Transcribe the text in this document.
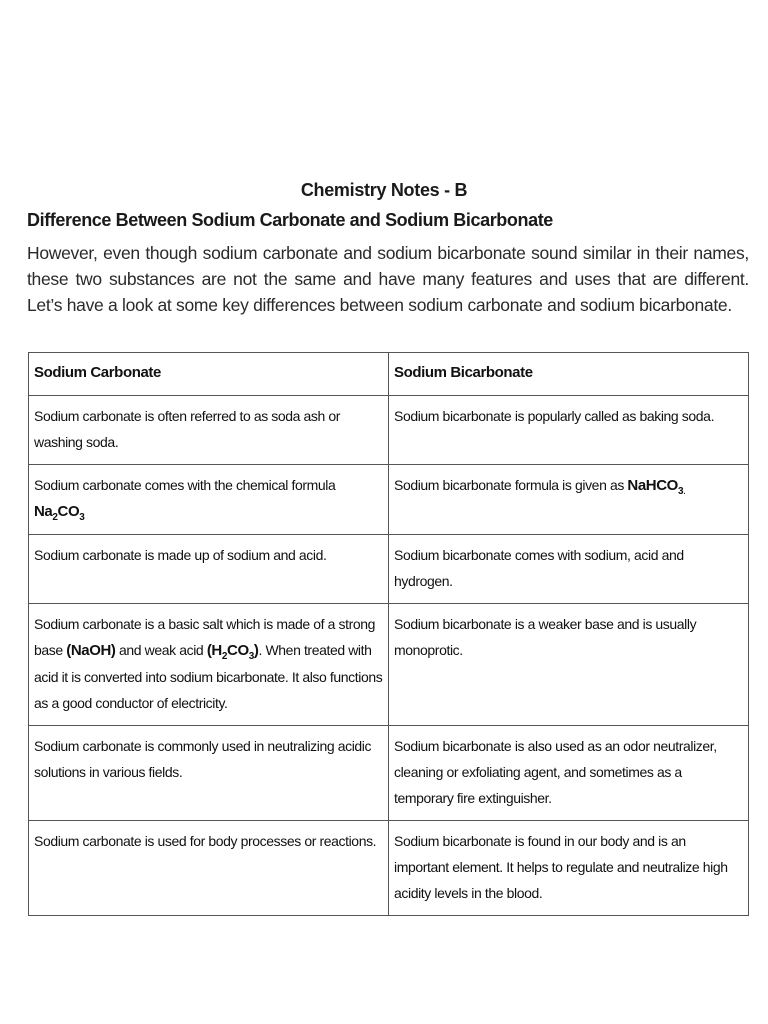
Chemistry Notes - B
Difference Between Sodium Carbonate and Sodium Bicarbonate
However, even though sodium carbonate and sodium bicarbonate sound similar in their names, these two substances are not the same and have many features and uses that are different. Let’s have a look at some key differences between sodium carbonate and sodium bicarbonate.
Sodium Carbonate	Sodium Bicarbonate
Sodium carbonate is often referred to as soda ash or washing soda.	Sodium bicarbonate is popularly called as baking soda.
Sodium carbonate comes with the chemical formula $Na_2CO_3$	Sodium bicarbonate formula is given as NaHCO$_{3.}$
Sodium carbonate is made up of sodium and acid.	Sodium bicarbonate comes with sodium, acid and hydrogen.
Sodium carbonate is a basic salt which is made of a strong base (NaOH) and weak acid $(H_2CO_3)$. When treated with acid it is converted into sodium bicarbonate. It also functions as a good conductor of electricity.	Sodium bicarbonate is a weaker base and is usually monoprotic.
Sodium carbonate is commonly used in neutralizing acidic solutions in various fields.	Sodium bicarbonate is also used as an odor neutralizer, cleaning or exfoliating agent, and sometimes as a temporary fire extinguisher.
Sodium carbonate is used for body processes or reactions.	Sodium bicarbonate is found in our body and is an important element. It helps to regulate and neutralize high acidity levels in the blood.
